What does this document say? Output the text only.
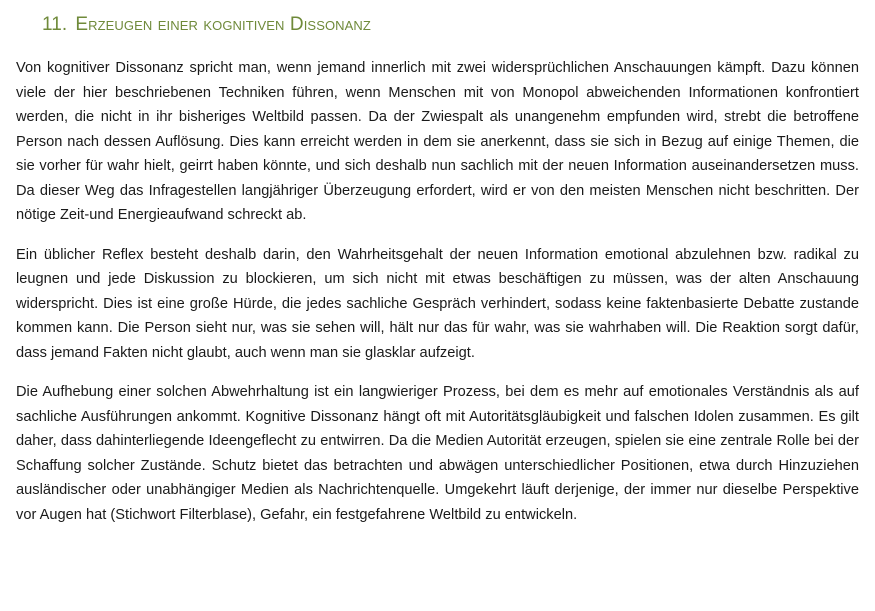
11. Erzeugen einer kognitiven Dissonanz

Von kognitiver Dissonanz spricht man, wenn jemand innerlich mit zwei widersprüchlichen Anschauungen kämpft. Dazu können viele der hier beschriebenen Techniken führen, wenn Menschen mit von Monopol abweichenden Informationen konfrontiert werden, die nicht in ihr bisheriges Weltbild passen. Da der Zwiespalt als unangenehm empfunden wird, strebt die betroffene Person nach dessen Auflösung. Dies kann erreicht werden in dem sie anerkennt, dass sie sich in Bezug auf einige Themen, die sie vorher für wahr hielt, geirrt haben könnte, und sich deshalb nun sachlich mit der neuen Information auseinandersetzen muss. Da dieser Weg das Infragestellen langjähriger Überzeugung erfordert, wird er von den meisten Menschen nicht beschritten. Der nötige Zeit-und Energieaufwand schreckt ab.

Ein üblicher Reflex besteht deshalb darin, den Wahrheitsgehalt der neuen Information emotional abzulehnen bzw. radikal zu leugnen und jede Diskussion zu blockieren, um sich nicht mit etwas beschäftigen zu müssen, was der alten Anschauung widerspricht. Dies ist eine große Hürde, die jedes sachliche Gespräch verhindert, sodass keine faktenbasierte Debatte zustande kommen kann. Die Person sieht nur, was sie sehen will, hält nur das für wahr, was sie wahrhaben will. Die Reaktion sorgt dafür, dass jemand Fakten nicht glaubt, auch wenn man sie glasklar aufzeigt.

Die Aufhebung einer solchen Abwehrhaltung ist ein langwieriger Prozess, bei dem es mehr auf emotionales Verständnis als auf sachliche Ausführungen ankommt. Kognitive Dissonanz hängt oft mit Autoritätsgläubigkeit und falschen Idolen zusammen. Es gilt daher, dass dahinterliegende Ideengeflecht zu entwirren. Da die Medien Autorität erzeugen, spielen sie eine zentrale Rolle bei der Schaffung solcher Zustände. Schutz bietet das betrachten und abwägen unterschiedlicher Positionen, etwa durch Hinzuziehen ausländischer oder unabhängiger Medien als Nachrichtenquelle. Umgekehrt läuft derjenige, der immer nur dieselbe Perspektive vor Augen hat (Stichwort Filterblase), Gefahr, ein festgefahrene Weltbild zu entwickeln.
